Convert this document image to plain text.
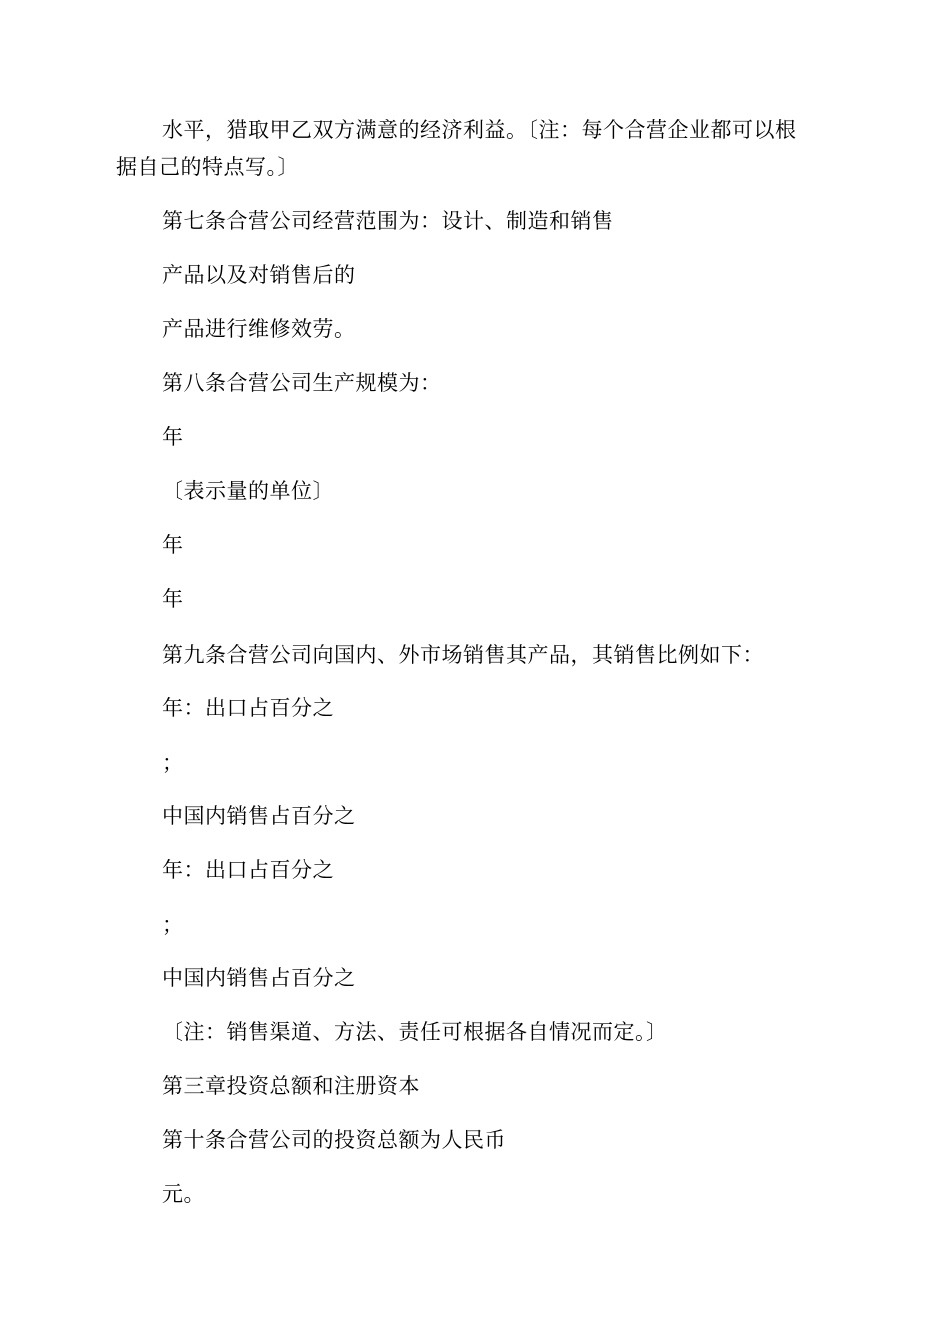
水平，猎取甲乙双方满意的经济利益。〔注：每个合营企业都可以根
据自己的特点写。〕
第七条合营公司经营范围为：设计、制造和销售
产品以及对销售后的
产品进行维修效劳。
第八条合营公司生产规模为：
年
〔表示量的单位〕
年
年
第九条合营公司向国内、外市场销售其产品，其销售比例如下：
年：出口占百分之
；
中国内销售占百分之
年：出口占百分之
；
中国内销售占百分之
〔注：销售渠道、方法、责任可根据各自情况而定。〕
第三章投资总额和注册资本
第十条合营公司的投资总额为人民币
元。
